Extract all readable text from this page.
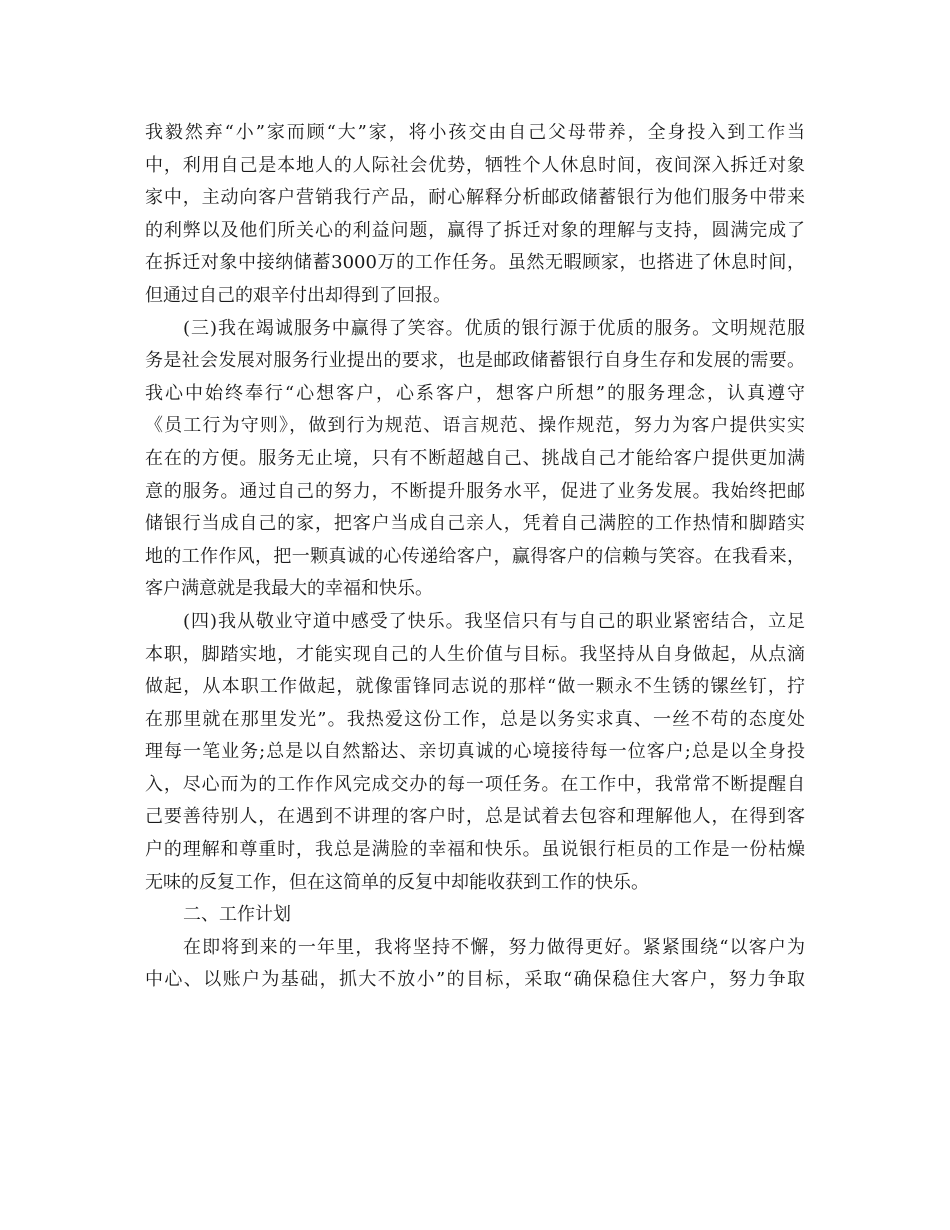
我毅然弃“小”家而顾“大”家，将小孩交由自己父母带养，全身投入到工作当
中，利用自己是本地人的人际社会优势，牺牲个人休息时间，夜间深入拆迁对象
家中，主动向客户营销我行产品，耐心解释分析邮政储蓄银行为他们服务中带来
的利弊以及他们所关心的利益问题，赢得了拆迁对象的理解与支持，圆满完成了
在拆迁对象中接纳储蓄3000万的工作任务。虽然无暇顾家，也搭进了休息时间，
但通过自己的艰辛付出却得到了回报。
(三)我在竭诚服务中赢得了笑容。优质的银行源于优质的服务。文明规范服
务是社会发展对服务行业提出的要求，也是邮政储蓄银行自身生存和发展的需要。
我心中始终奉行“心想客户，心系客户，想客户所想”的服务理念，认真遵守
《员工行为守则》，做到行为规范、语言规范、操作规范，努力为客户提供实实
在在的方便。服务无止境，只有不断超越自己、挑战自己才能给客户提供更加满
意的服务。通过自己的努力，不断提升服务水平，促进了业务发展。我始终把邮
储银行当成自己的家，把客户当成自己亲人，凭着自己满腔的工作热情和脚踏实
地的工作作风，把一颗真诚的心传递给客户，赢得客户的信赖与笑容。在我看来，
客户满意就是我最大的幸福和快乐。
(四)我从敬业守道中感受了快乐。我坚信只有与自己的职业紧密结合，立足
本职，脚踏实地，才能实现自己的人生价值与目标。我坚持从自身做起，从点滴
做起，从本职工作做起，就像雷锋同志说的那样“做一颗永不生锈的镙丝钉，拧
在那里就在那里发光”。我热爱这份工作，总是以务实求真、一丝不苟的态度处
理每一笔业务;总是以自然豁达、亲切真诚的心境接待每一位客户;总是以全身投
入，尽心而为的工作作风完成交办的每一项任务。在工作中，我常常不断提醒自
己要善待别人，在遇到不讲理的客户时，总是试着去包容和理解他人，在得到客
户的理解和尊重时，我总是满脸的幸福和快乐。虽说银行柜员的工作是一份枯燥
无味的反复工作，但在这简单的反复中却能收获到工作的快乐。
二、工作计划
在即将到来的一年里，我将坚持不懈，努力做得更好。紧紧围绕“以客户为
中心、以账户为基础，抓大不放小”的目标，采取“确保稳住大客户，努力争取
